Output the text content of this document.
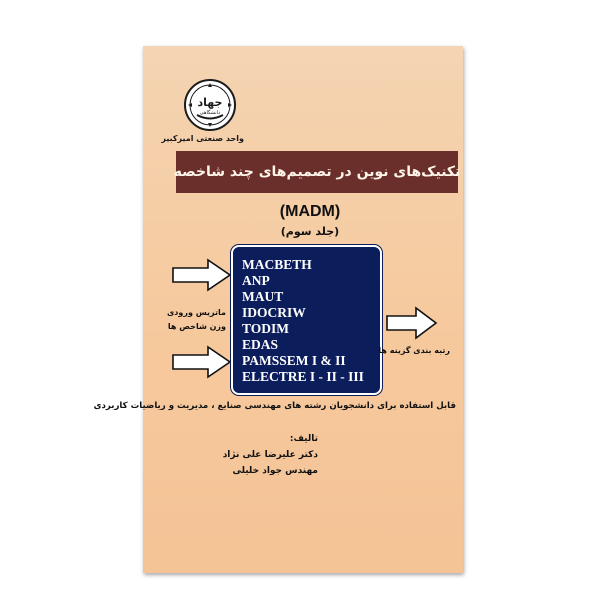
جهاد
دانشگاهی
واحد صنعتی امیرکبیر
تکنیک‌های نوین در تصمیم‌های چند شاخصه
(MADM)
(جلد سوم)
ماتریس ورودی
وزن شاخص ها
MACBETH
ANP
MAUT
IDOCRIW
TODIM
EDAS
PAMSSEM I & II
ELECTRE I - II - III
رتبه بندی گزینه ها
قابل استفاده برای دانشجویان رشته های مهندسی صنایع ، مدیریت و ریاضیات کاربردی
تالیف:
دکتر علیرضا علی نژاد
مهندس جواد خلیلی
